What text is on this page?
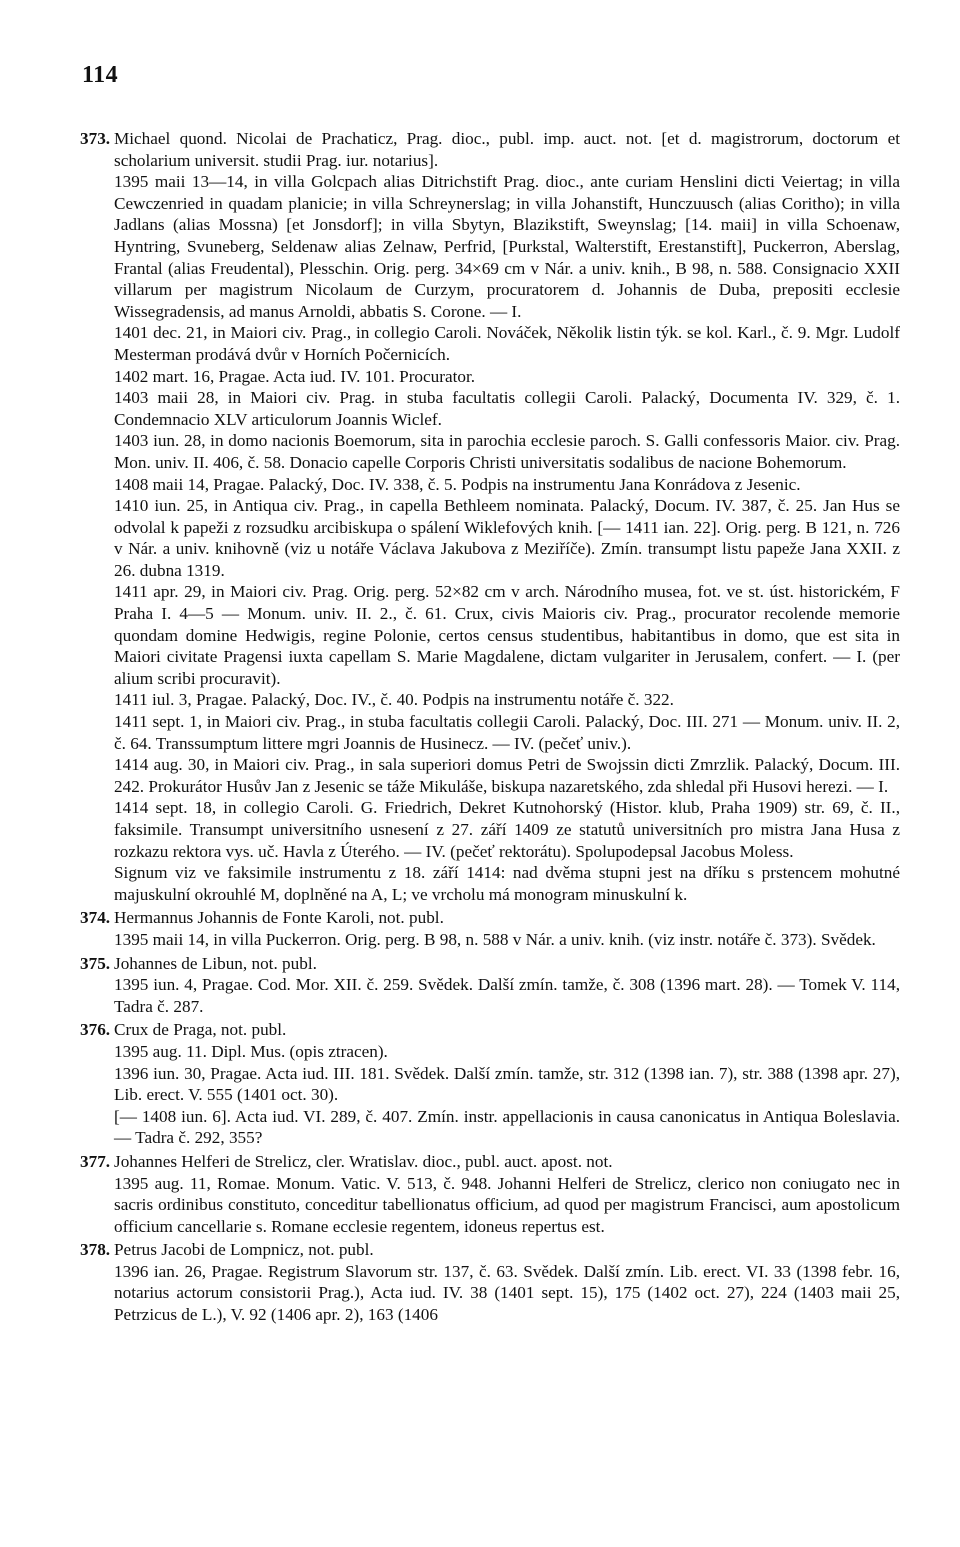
114
373. Michael quond. Nicolai de Prachaticz, Prag. dioc., publ. imp. auct. not. [et d. magistrorum, doctorum et scholarium universit. studii Prag. iur. notarius].
1395 maii 13—14, in villa Golcpach alias Ditrichstift Prag. dioc., ante curiam Henslini dicti Veiertag; in villa Cewczenried in quadam planicie; in villa Schreynerslag; in villa Johanstift, Hunczuusch (alias Coritho); in villa Jadlans (alias Mossna) [et Jonsdorf]; in villa Sbytyn, Blazikstift, Sweynslag; [14. maii] in villa Schoenaw, Hyntring, Svuneberg, Seldenaw alias Zelnaw, Perfrid, [Purkstal, Walterstift, Erestanstift], Puckerron, Aberslag, Frantal (alias Freudental), Plesschin. Orig. perg. 34×69 cm v Nár. a univ. knih., B 98, n. 588. Consignacio XXII villarum per magistrum Nicolaum de Curzym, procuratorem d. Johannis de Duba, prepositi ecclesie Wissegradensis, ad manus Arnoldi, abbatis S. Corone. — I.
1401 dec. 21, in Maiori civ. Prag., in collegio Caroli. Nováček, Několik listin týk. se kol. Karl., č. 9. Mgr. Ludolf Mesterman prodává dvůr v Horních Počernicích.
1402 mart. 16, Pragae. Acta iud. IV. 101. Procurator.
1403 maii 28, in Maiori civ. Prag. in stuba facultatis collegii Caroli. Palacký, Documenta IV. 329, č. 1. Condemnacio XLV articulorum Joannis Wiclef.
1403 iun. 28, in domo nacionis Boemorum, sita in parochia ecclesie paroch. S. Galli confessoris Maior. civ. Prag. Mon. univ. II. 406, č. 58. Donacio capelle Corporis Christi universitatis sodalibus de nacione Bohemorum.
1408 maii 14, Pragae. Palacký, Doc. IV. 338, č. 5. Podpis na instrumentu Jana Konrádova z Jesenic.
1410 iun. 25, in Antiqua civ. Prag., in capella Bethleem nominata. Palacký, Docum. IV. 387, č. 25. Jan Hus se odvolal k papeži z rozsudku arcibiskupa o spálení Wiklefových knih. [— 1411 ian. 22]. Orig. perg. B 121, n. 726 v Nár. a univ. knihovně (viz u notáře Václava Jakubova z Meziříče). Zmín. transumpt listu papeže Jana XXII. z 26. dubna 1319.
1411 apr. 29, in Maiori civ. Prag. Orig. perg. 52×82 cm v arch. Národního musea, fot. ve st. úst. historickém, F Praha I. 4—5 — Monum. univ. II. 2., č. 61. Crux, civis Maioris civ. Prag., procurator recolende memorie quondam domine Hedwigis, regine Polonie, certos census studentibus, habitantibus in domo, que est sita in Maiori civitate Pragensi iuxta capellam S. Marie Magdalene, dictam vulgariter in Jerusalem, confert. — I. (per alium scribi procuravit).
1411 iul. 3, Pragae. Palacký, Doc. IV., č. 40. Podpis na instrumentu notáře č. 322.
1411 sept. 1, in Maiori civ. Prag., in stuba facultatis collegii Caroli. Palacký, Doc. III. 271 — Monum. univ. II. 2, č. 64. Transsumptum littere mgri Joannis de Husinecz. — IV. (pečeť univ.).
1414 aug. 30, in Maiori civ. Prag., in sala superiori domus Petri de Swojssin dicti Zmrzlik. Palacký, Docum. III. 242. Prokurátor Husův Jan z Jesenic se táže Mikuláše, biskupa nazaretského, zda shledal při Husovi herezi. — I.
1414 sept. 18, in collegio Caroli. G. Friedrich, Dekret Kutnohorský (Histor. klub, Praha 1909) str. 69, č. II., faksimile. Transumpt universitního usnesení z 27. září 1409 ze statutů universitních pro mistra Jana Husa z rozkazu rektora vys. uč. Havla z Úterého. — IV. (pečeť rektorátu). Spolupodepsal Jacobus Moless.
Signum viz ve faksimile instrumentu z 18. září 1414: nad dvěma stupni jest na dříku s prstencem mohutné majuskulní okrouhlé M, doplněné na A, L; ve vrcholu má monogram minuskulní k.
374. Hermannus Johannis de Fonte Karoli, not. publ.
1395 maii 14, in villa Puckerron. Orig. perg. B 98, n. 588 v Nár. a univ. knih. (viz instr. notáře č. 373). Svědek.
375. Johannes de Libun, not. publ.
1395 iun. 4, Pragae. Cod. Mor. XII. č. 259. Svědek. Další zmín. tamže, č. 308 (1396 mart. 28). — Tomek V. 114, Tadra č. 287.
376. Crux de Praga, not. publ.
1395 aug. 11. Dipl. Mus. (opis ztracen).
1396 iun. 30, Pragae. Acta iud. III. 181. Svědek. Další zmín. tamže, str. 312 (1398 ian. 7), str. 388 (1398 apr. 27), Lib. erect. V. 555 (1401 oct. 30).
[— 1408 iun. 6]. Acta iud. VI. 289, č. 407. Zmín. instr. appellacionis in causa canonicatus in Antiqua Boleslavia. — Tadra č. 292, 355?
377. Johannes Helferi de Strelicz, cler. Wratislav. dioc., publ. auct. apost. not.
1395 aug. 11, Romae. Monum. Vatic. V. 513, č. 948. Johanni Helferi de Strelicz, clerico non coniugato nec in sacris ordinibus constituto, conceditur tabellionatus officium, ad quod per magistrum Francisci, aum apostolicum officium cancellarie s. Romane ecclesie regentem, idoneus repertus est.
378. Petrus Jacobi de Lompnicz, not. publ.
1396 ian. 26, Pragae. Registrum Slavorum str. 137, č. 63. Svědek. Další zmín. Lib. erect. VI. 33 (1398 febr. 16, notarius actorum consistorii Prag.), Acta iud. IV. 38 (1401 sept. 15), 175 (1402 oct. 27), 224 (1403 maii 25, Petrzicus de L.), V. 92 (1406 apr. 2), 163 (1406
